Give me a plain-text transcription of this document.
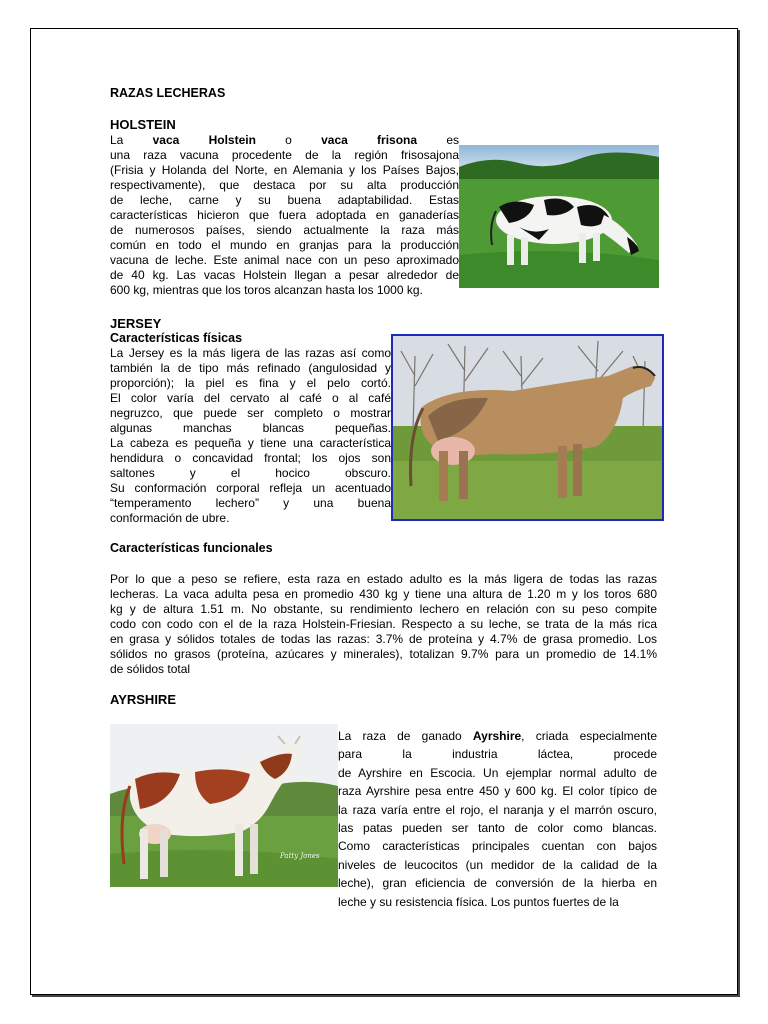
RAZAS LECHERAS
HOLSTEIN
La vaca Holstein o vaca frisona es
una raza vacuna procedente de la región frisosajona
(Frisia y Holanda del Norte, en Alemania y los Países Bajos,
respectivamente), que destaca por su alta producción
de leche, carne y su buena adaptabilidad. Estas
características hicieron que fuera adoptada en ganaderías
de numerosos países, siendo actualmente la raza más
común en todo el mundo en granjas para la producción
vacuna de leche. Este animal nace con un peso aproximado
de 40 kg. Las vacas Holstein llegan a pesar alrededor de
600 kg, mientras que los toros alcanzan hasta los 1000 kg.
JERSEY
Características físicas
La Jersey es la más ligera de las razas así como
también la de tipo más refinado (angulosidad y
proporción); la piel es fina y el pelo cortó.
El color varía del cervato al café o al café
negruzco, que puede ser completo o mostrar
algunas manchas blancas pequeñas.
La cabeza es pequeña y tiene una característica
hendidura o concavidad frontal; los ojos son
saltones y el hocico obscuro.
Su conformación corporal refleja un acentuado
“temperamento lechero” y una buena
conformación de ubre.
Características funcionales
Por lo que a peso se refiere, esta raza en estado adulto es la más ligera de todas las razas
lecheras. La vaca adulta pesa en promedio 430 kg y tiene una altura de 1.20 m y los toros 680
kg y de altura 1.51 m. No obstante, su rendimiento lechero en relación con su peso compite
codo con codo con el de la raza Holstein-Friesian. Respecto a su leche, se trata de la más rica
en grasa y sólidos totales de todas las razas: 3.7% de proteína y 4.7% de grasa promedio. Los
sólidos no grasos (proteína, azúcares y minerales), totalizan 9.7% para un promedio de 14.1%
de sólidos total
AYRSHIRE
Patty Jones
La raza de ganado Ayrshire, criada especialmente
para la industria láctea, procede
de Ayrshire en Escocia. Un ejemplar normal adulto de
raza Ayrshire pesa entre 450 y 600 kg. El color típico de
la raza varía entre el rojo, el naranja y el marrón oscuro,
las patas pueden ser tanto de color como blancas.
Como características principales cuentan con bajos
niveles de leucocitos (un medidor de la calidad de la
leche), gran eficiencia de conversión de la hierba en
leche y su resistencia física. Los puntos fuertes de la
